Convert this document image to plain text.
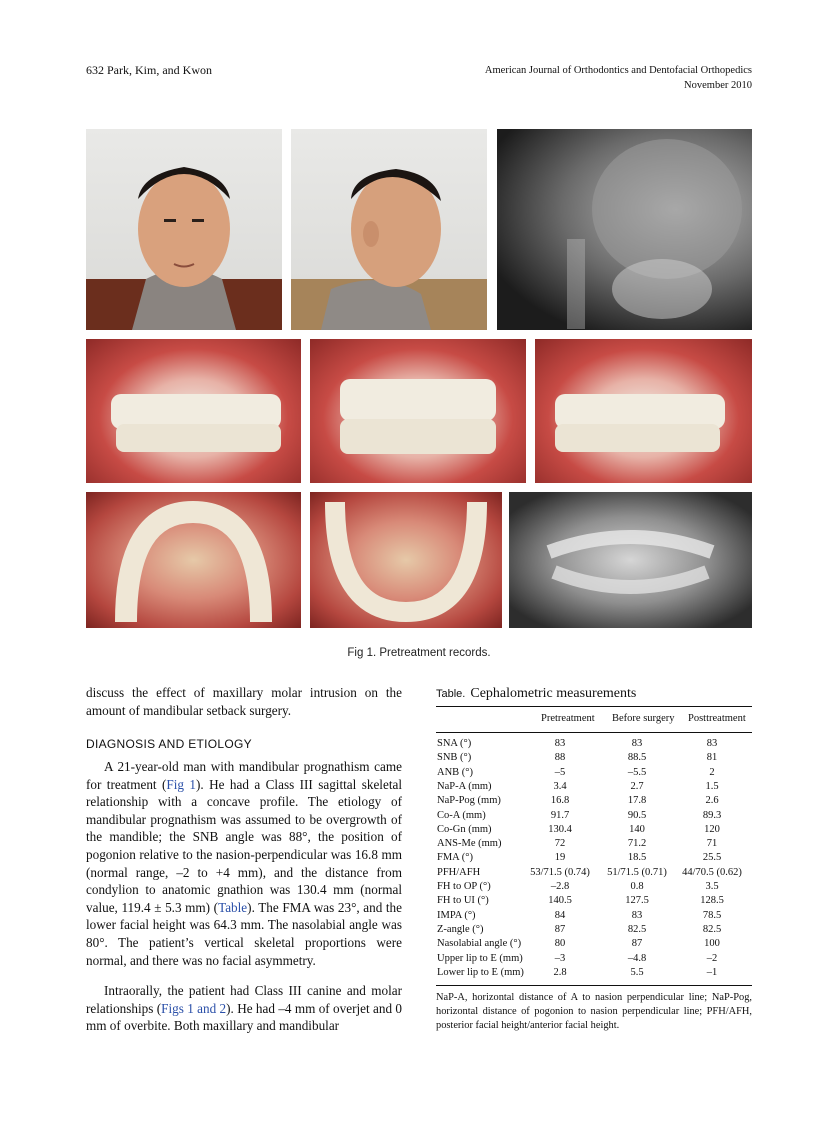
632 Park, Kim, and Kwon	American Journal of Orthodontics and Dentofacial Orthopedics
November 2010
Fig 1. Pretreatment records.
discuss the effect of maxillary molar intrusion on the amount of mandibular setback surgery.
DIAGNOSIS AND ETIOLOGY
A 21-year-old man with mandibular prognathism came for treatment (Fig 1). He had a Class III sagittal skeletal relationship with a concave profile. The etiology of mandibular prognathism was assumed to be overgrowth of the mandible; the SNB angle was 88°, the position of pogonion relative to the nasion-perpendicular was 16.8 mm (normal range, –2 to +4 mm), and the distance from condylion to anatomic gnathion was 130.4 mm (normal value, 119.4 ± 5.3 mm) (Table). The FMA was 23°, and the lower facial height was 64.3 mm. The nasolabial angle was 80°. The patient’s vertical skeletal proportions were normal, and there was no facial asymmetry.
Intraorally, the patient had Class III canine and molar relationships (Figs 1 and 2). He had –4 mm of overjet and 0 mm of overbite. Both maxillary and mandibular
Table. Cephalometric measurements
Pretreatment Before surgery Posttreatment
SNA (°)	83	83	83
SNB (°)	88	88.5	81
ANB (°)	–5	–5.5	2
NaP-A (mm)	3.4	2.7	1.5
NaP-Pog (mm)	16.8	17.8	2.6
Co-A (mm)	91.7	90.5	89.3
Co-Gn (mm)	130.4	140	120
ANS-Me (mm)	72	71.2	71
FMA (°)	19	18.5	25.5
PFH/AFH	53/71.5 (0.74)	51/71.5 (0.71)	44/70.5 (0.62)
FH to OP (°)	–2.8	0.8	3.5
FH to UI (°)	140.5	127.5	128.5
IMPA (°)	84	83	78.5
Z-angle (°)	87	82.5	82.5
Nasolabial angle (°)	80	87	100
Upper lip to E (mm)	–3	–4.8	–2
Lower lip to E (mm)	2.8	5.5	–1
NaP-A, horizontal distance of A to nasion perpendicular line; NaP-Pog, horizontal distance of pogonion to nasion perpendicular line; PFH/AFH, posterior facial height/anterior facial height.
